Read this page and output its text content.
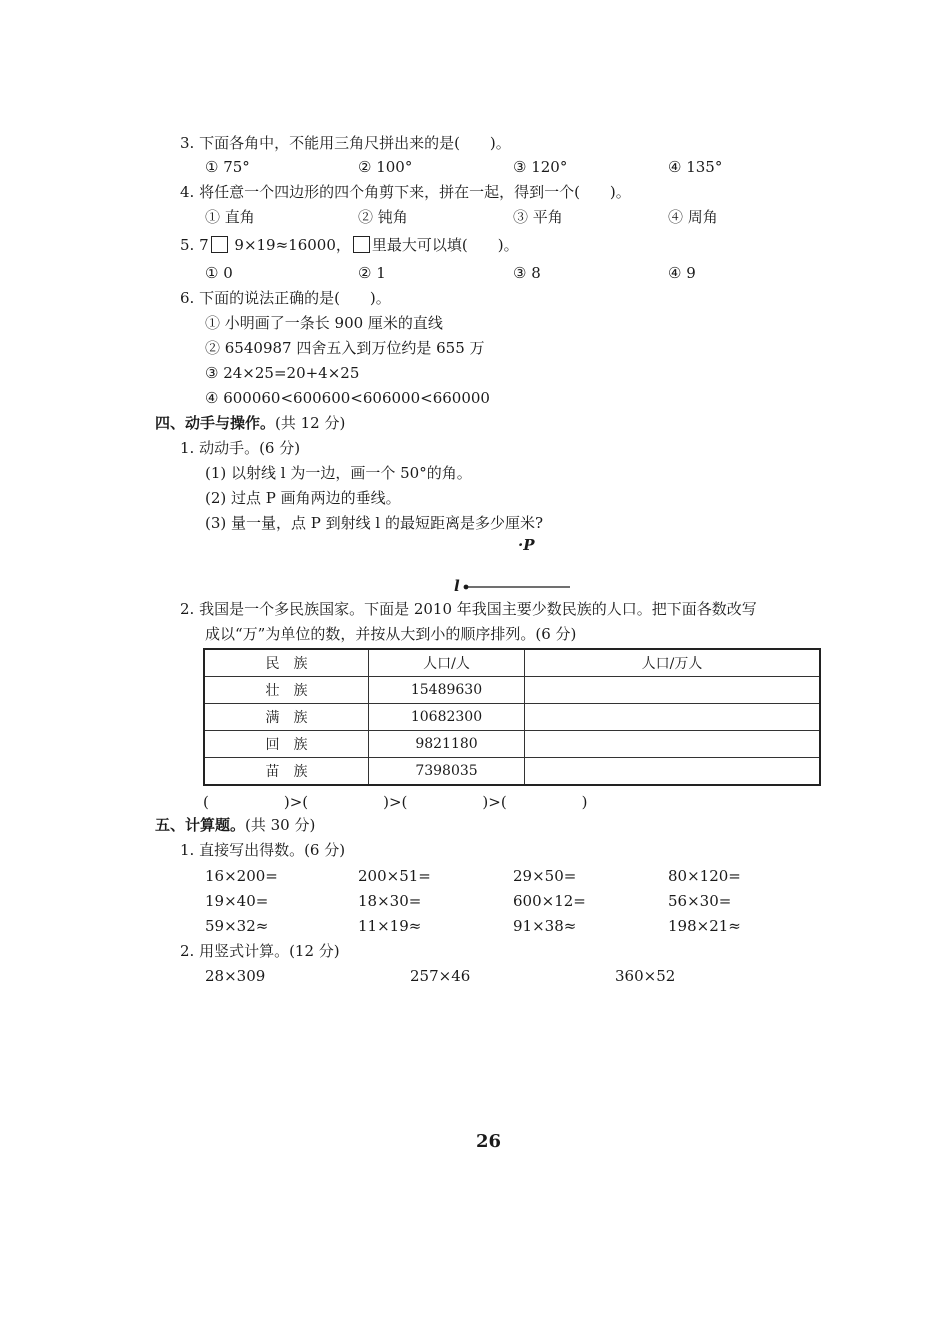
3. 下面各角中，不能用三角尺拼出来的是(　　)。
① 75°	② 100°	③ 120°	④ 135°
4. 将任意一个四边形的四个角剪下来，拼在一起，得到一个(　　)。
① 直角	② 钝角	③ 平角	④ 周角
5. 7 9×19≈16000， 里最大可以填(　　)。
① 0	② 1	③ 8	④ 9
6. 下面的说法正确的是(　　)。
① 小明画了一条长 900 厘米的直线
② 6540987 四舍五入到万位约是 655 万
③ 24×25=20+4×25
④ 600060<600600<606000<660000
四、动手与操作。(共 12 分)
1. 动动手。(6 分)
(1) 以射线 l 为一边，画一个 50°的角。
(2) 过点 P 画角两边的垂线。
(3) 量一量，点 P 到射线 l 的最短距离是多少厘米?
·P
l
2. 我国是一个多民族国家。下面是 2010 年我国主要少数民族的人口。把下面各数改写
成以“万”为单位的数，并按从大到小的顺序排列。(6 分)
民　族	人口/人	人口/万人
壮　族	15489630	
满　族	10682300	
回　族	9821180	
苗　族	7398035	
(　　　　　)>(　　　　　)>(　　　　　)>(　　　　　)
五、计算题。(共 30 分)
1. 直接写出得数。(6 分)
16×200=	200×51=	29×50=	80×120=
19×40=	18×30=	600×12=	56×30=
59×32≈	11×19≈	91×38≈	198×21≈
2. 用竖式计算。(12 分)
28×309	257×46	360×52
26
